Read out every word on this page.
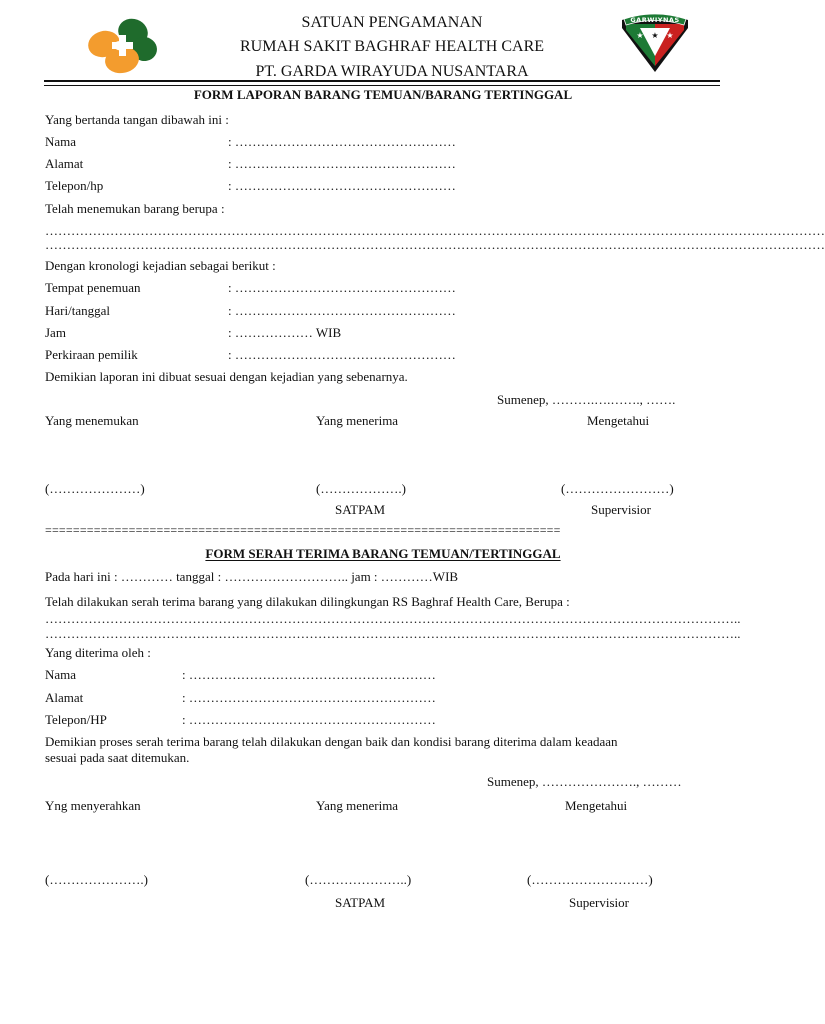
SATUAN PENGAMANAN
RUMAH SAKIT BAGHRAF HEALTH CARE
PT. GARDA WIRAYUDA NUSANTARA
GARWIYNAS
★ ★ ★
FORM LAPORAN BARANG TEMUAN/BARANG TERTINGGAL
Yang bertanda tangan dibawah ini :
Nama	: ……………………………………………
Alamat	: ……………………………………………
Telepon/hp	: ……………………………………………
Telah menemukan barang berupa :
………………………………………………………………………………………………………………………………………………………………
………………………………………………………………………………………………………………………………………………………………
Dengan kronologi kejadian sebagai berikut :
Tempat penemuan	: ……………………………………………
Hari/tanggal	: ……………………………………………
Jam	: ……………… WIB
Perkiraan pemilik	: ……………………………………………
Demikian laporan ini dibuat sesuai dengan kejadian yang sebenarnya.
Sumenep, ……….….……., …….
Yang menemukan	Yang menerima	Mengetahui
(…………………)	(……………….)	(……………………)
SATPAM	Supervisior
==========================================================================
FORM SERAH TERIMA BARANG TEMUAN/TERTINGGAL
Pada hari ini : ………… tanggal : ……………………….. jam : …………WIB
Telah dilakukan serah terima barang yang dilakukan dilingkungan RS Baghraf Health Care, Berupa :
……………………………………………………………………………………………………………………………………………..
……………………………………………………………………………………………………………………………………………..
Yang diterima oleh :
Nama	: …………………………………………………
Alamat	: …………………………………………………
Telepon/HP	: …………………………………………………
Demikian proses serah terima barang telah dilakukan dengan baik dan kondisi barang diterima dalam keadaan
sesuai pada saat ditemukan.
Sumenep, …………………., ………
Yng menyerahkan	Yang menerima	Mengetahui
(………………….)	(…………………..)	(………………………)
SATPAM	Supervisior
